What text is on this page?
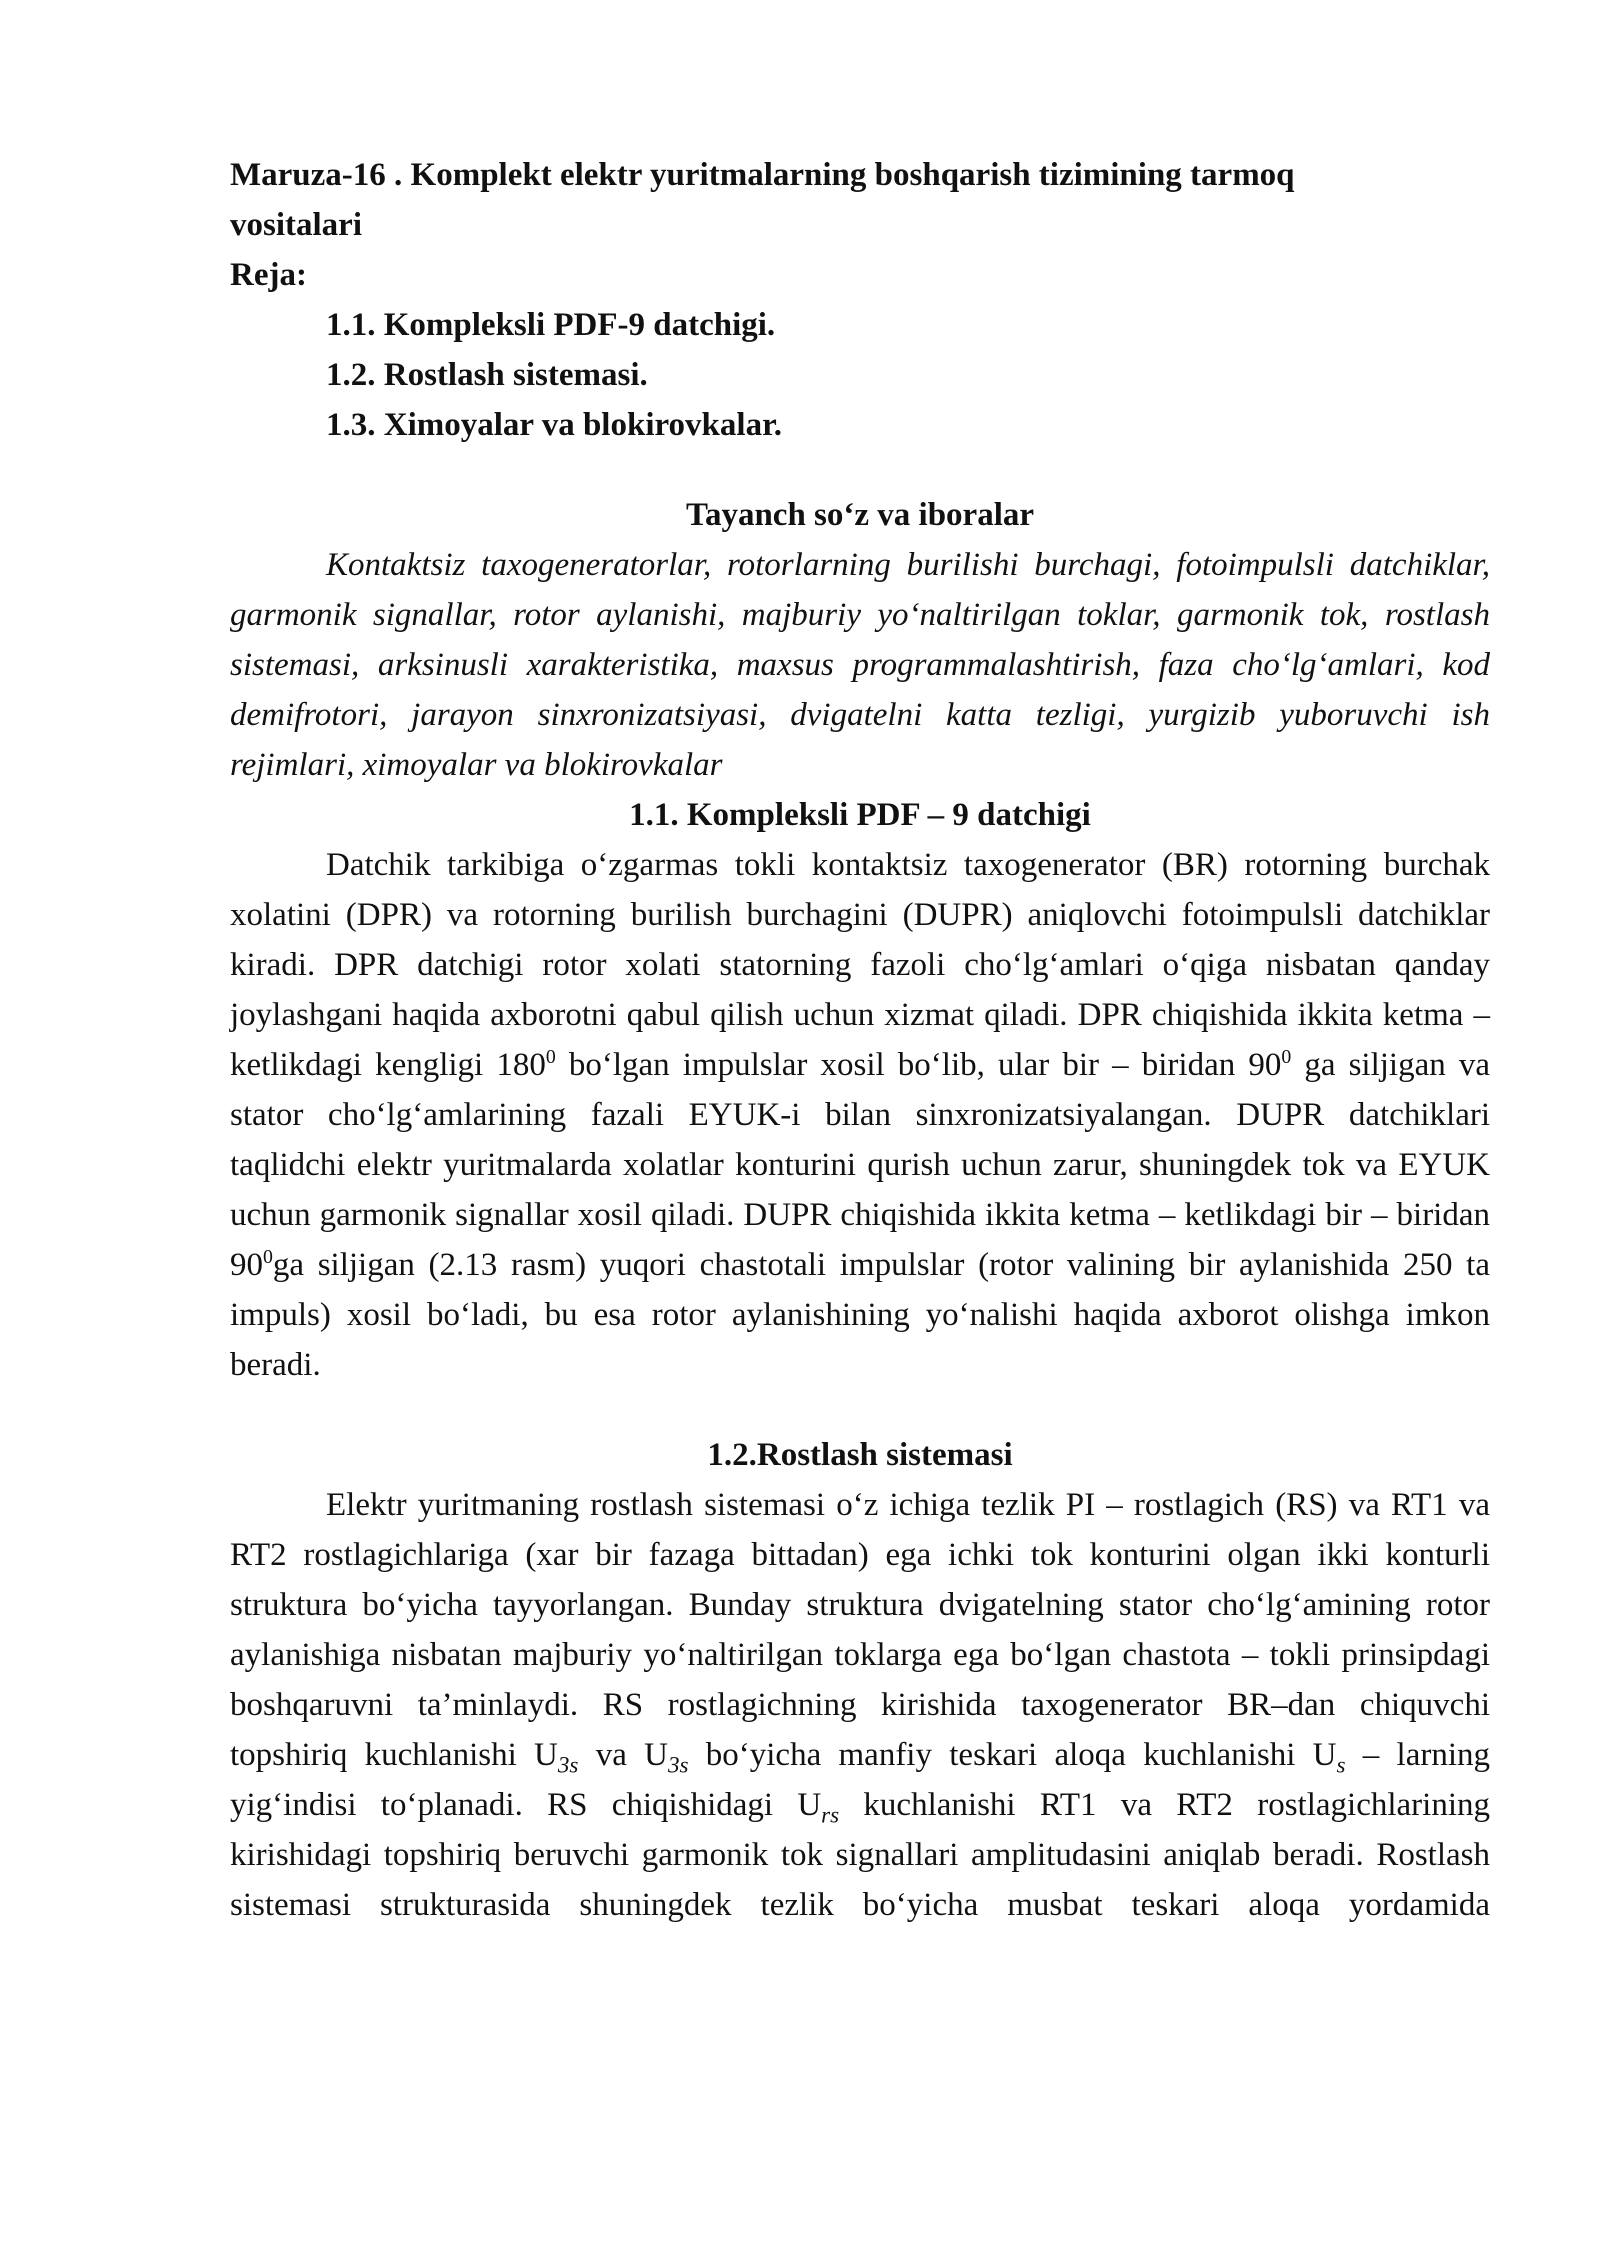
Maruza-16 . Komplekt elektr yuritmalarning boshqarish tizimining tarmoq
vositalari

Reja:

1.1. Kompleksli PDF-9 datchigi.

1.2. Rostlash sistemasi.

1.3. Ximoyalar va blokirovkalar.

Tayanch so‘z va iboralar

Kontaktsiz taxogeneratorlar, rotorlarning burilishi burchagi, fotoimpulsli datchiklar, garmonik signallar, rotor aylanishi, majburiy yo‘naltirilgan toklar, garmonik tok, rostlash sistemasi, arksinusli xarakteristika, maxsus programmalashtirish, faza cho‘lg‘amlari, kod demifrotori, jarayon sinxronizatsiyasi, dvigatelni katta tezligi, yurgizib yuboruvchi ish rejimlari, ximoyalar va blokirovkalar

1.1. Kompleksli PDF – 9 datchigi

Datchik tarkibiga o‘zgarmas tokli kontaktsiz taxogenerator (BR) rotorning burchak xolatini (DPR) va rotorning burilish burchagini (DUPR) aniqlovchi fotoimpulsli datchiklar kiradi. DPR datchigi rotor xolati statorning fazoli cho‘lg‘amlari o‘qiga nisbatan qanday joylashgani haqida axborotni qabul qilish uchun xizmat qiladi. DPR chiqishida ikkita ketma – ketlikdagi kengligi $180^0$ bo‘lgan impulslar xosil bo‘lib, ular bir – biridan $90^0$ ga siljigan va stator cho‘lg‘amlarining fazali EYUK-i bilan sinxronizatsiyalangan. DUPR datchiklari taqlidchi elektr yuritmalarda xolatlar konturini qurish uchun zarur, shuningdek tok va EYUK uchun garmonik signallar xosil qiladi. DUPR chiqishida ikkita ketma – ketlikdagi bir – biridan $90^0ga$ siljigan (2.13 rasm) yuqori chastotali impulslar (rotor valining bir aylanishida 250 ta impuls) xosil bo‘ladi, bu esa rotor aylanishining yo‘nalishi haqida axborot olishga imkon beradi.

1.2.Rostlash sistemasi

Elektr yuritmaning rostlash sistemasi o‘z ichiga tezlik PI – rostlagich (RS) va RT1 va RT2 rostlagichlariga (xar bir fazaga bittadan) ega ichki tok konturini olgan ikki konturli struktura bo‘yicha tayyorlangan. Bunday struktura dvigatelning stator cho‘lg‘amining rotor aylanishiga nisbatan majburiy yo‘naltirilgan toklarga ega bo‘lgan chastota – tokli prinsipdagi boshqaruvni ta’minlaydi. RS rostlagichning kirishida taxogenerator BR–dan chiquvchi topshiriq kuchlanishi $U_{3s}$ va $U_{3s}$ bo‘yicha manfiy teskari aloqa kuchlanishi $U_s$ – larning yig‘indisi to‘planadi. RS chiqishidagi $U_{rs}$ kuchlanishi RT1 va RT2 rostlagichlarining kirishidagi topshiriq beruvchi garmonik tok signallari amplitudasini aniqlab beradi. Rostlash sistemasi strukturasida shuningdek tezlik bo‘yicha musbat teskari aloqa yordamida
